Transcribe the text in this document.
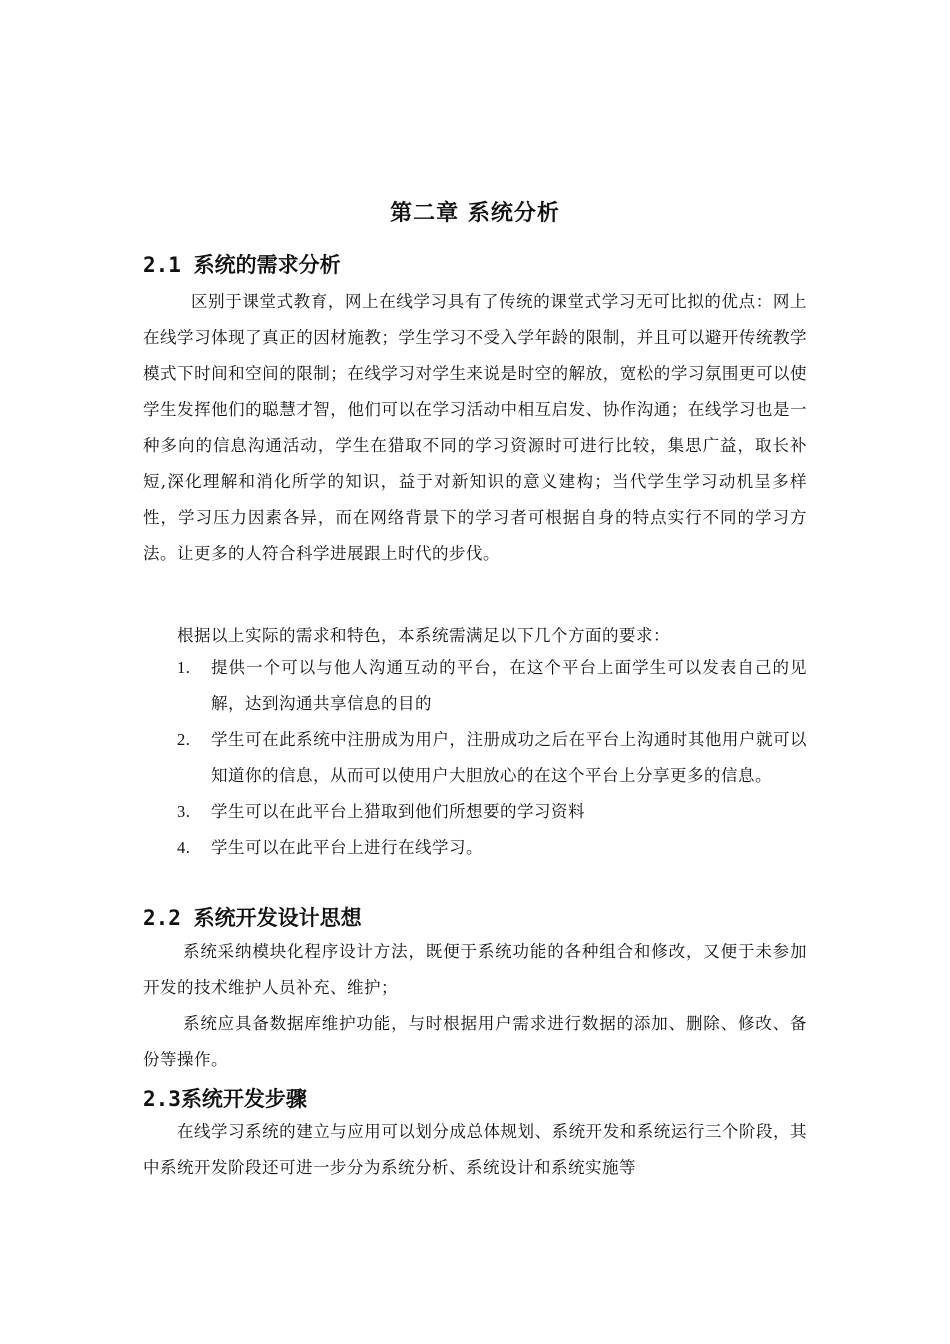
第二章 系统分析
2.1 系统的需求分析

区别于课堂式教育，网上在线学习具有了传统的课堂式学习无可比拟的优点：网上在线学习体现了真正的因材施教；学生学习不受入学年龄的限制，并且可以避开传统教学模式下时间和空间的限制；在线学习对学生来说是时空的解放，宽松的学习氛围更可以使学生发挥他们的聪慧才智，他们可以在学习活动中相互启发、协作沟通；在线学习也是一种多向的信息沟通活动，学生在猎取不同的学习资源时可进行比较，集思广益，取长补短,深化理解和消化所学的知识，益于对新知识的意义建构；当代学生学习动机呈多样性，学习压力因素各异，而在网络背景下的学习者可根据自身的特点实行不同的学习方法。让更多的人符合科学进展跟上时代的步伐。

根据以上实际的需求和特色，本系统需满足以下几个方面的要求：

1. 提供一个可以与他人沟通互动的平台，在这个平台上面学生可以发表自己的见解，达到沟通共享信息的目的
2. 学生可在此系统中注册成为用户，注册成功之后在平台上沟通时其他用户就可以知道你的信息，从而可以使用户大胆放心的在这个平台上分享更多的信息。
3. 学生可以在此平台上猎取到他们所想要的学习资料
4. 学生可以在此平台上进行在线学习。
2.2 系统开发设计思想

系统采纳模块化程序设计方法，既便于系统功能的各种组合和修改，又便于未参加开发的技术维护人员补充、维护；

系统应具备数据库维护功能，与时根据用户需求进行数据的添加、删除、修改、备份等操作。

2.3系统开发步骤

在线学习系统的建立与应用可以划分成总体规划、系统开发和系统运行三个阶段，其中系统开发阶段还可进一步分为系统分析、系统设计和系统实施等
